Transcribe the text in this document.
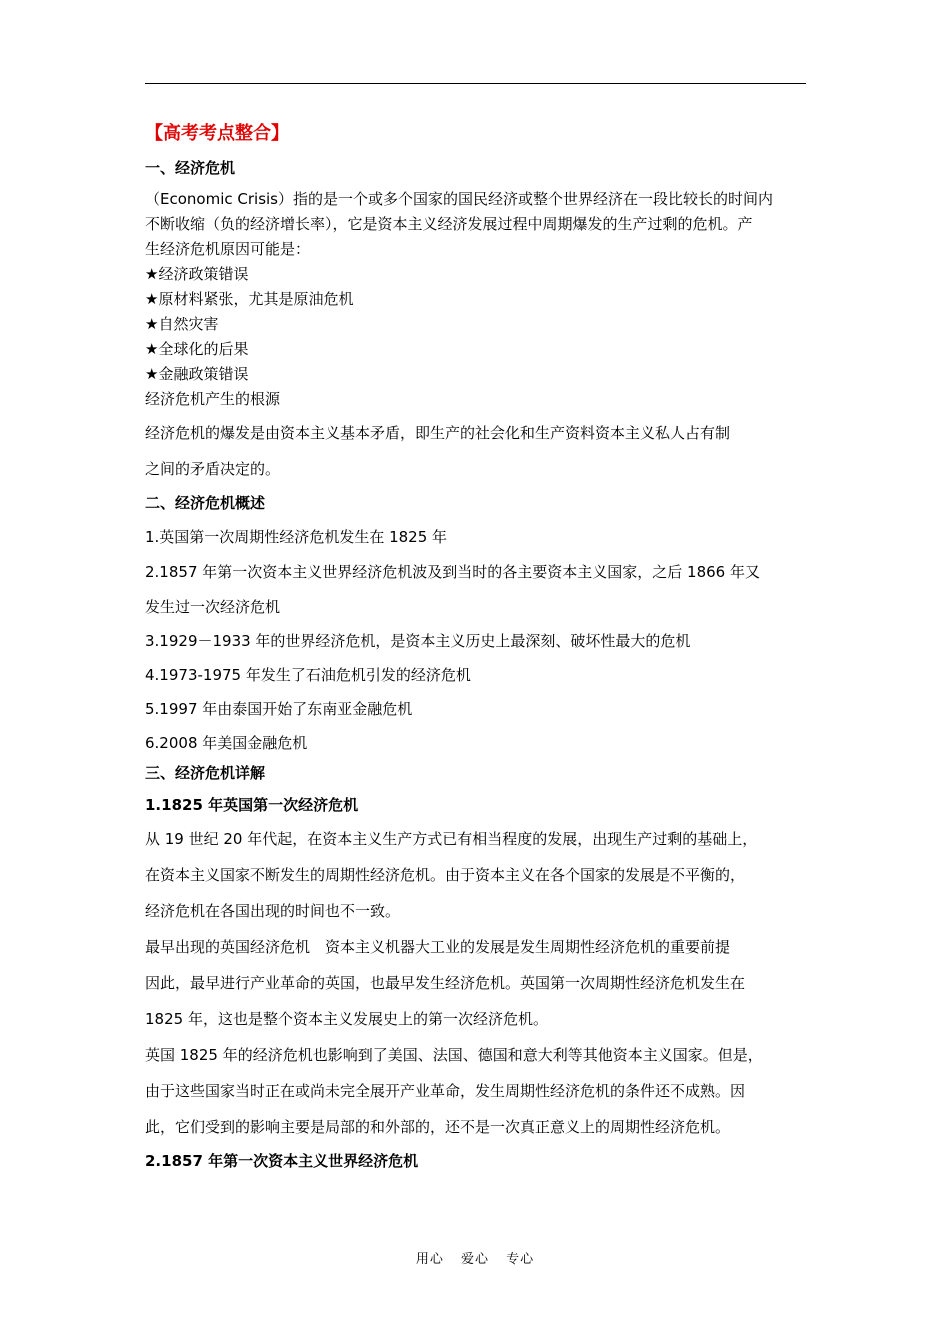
【高考考点整合】
一、经济危机
（Economic Crisis）指的是一个或多个国家的国民经济或整个世界经济在一段比较长的时间内
不断收缩（负的经济增长率），它是资本主义经济发展过程中周期爆发的生产过剩的危机。产
生经济危机原因可能是：
★ 经济政策错误
★ 原材料紧张，尤其是原油危机
★ 自然灾害
★ 全球化的后果
★ 金融政策错误
经济危机产生的根源
经济危机的爆发是由资本主义基本矛盾，即生产的社会化和生产资料资本主义私人占有制
之间的矛盾决定的。
二、经济危机概述
1.英国第一次周期性经济危机发生在 1825 年
2.1857 年第一次资本主义世界经济危机波及到当时的各主要资本主义国家，之后 1866 年又
发生过一次经济危机
3.1929－1933 年的世界经济危机，是资本主义历史上最深刻、破坏性最大的危机
4.1973-1975 年发生了石油危机引发的经济危机
5.1997 年由泰国开始了东南亚金融危机
6.2008 年美国金融危机
三、经济危机详解
1.1825 年英国第一次经济危机
从 19 世纪 20 年代起，在资本主义生产方式已有相当程度的发展，出现生产过剩的基础上，
在资本主义国家不断发生的周期性经济危机。由于资本主义在各个国家的发展是不平衡的，
经济危机在各国出现的时间也不一致。
最早出现的英国经济危机　资本主义机器大工业的发展是发生周期性经济危机的重要前提
因此，最早进行产业革命的英国，也最早发生经济危机。英国第一次周期性经济危机发生在
1825 年，这也是整个资本主义发展史上的第一次经济危机。
英国 1825 年的经济危机也影响到了美国、法国、德国和意大利等其他资本主义国家。但是，
由于这些国家当时正在或尚未完全展开产业革命，发生周期性经济危机的条件还不成熟。因
此，它们受到的影响主要是局部的和外部的，还不是一次真正意义上的周期性经济危机。
2.1857 年第一次资本主义世界经济危机
用心 爱心 专心
